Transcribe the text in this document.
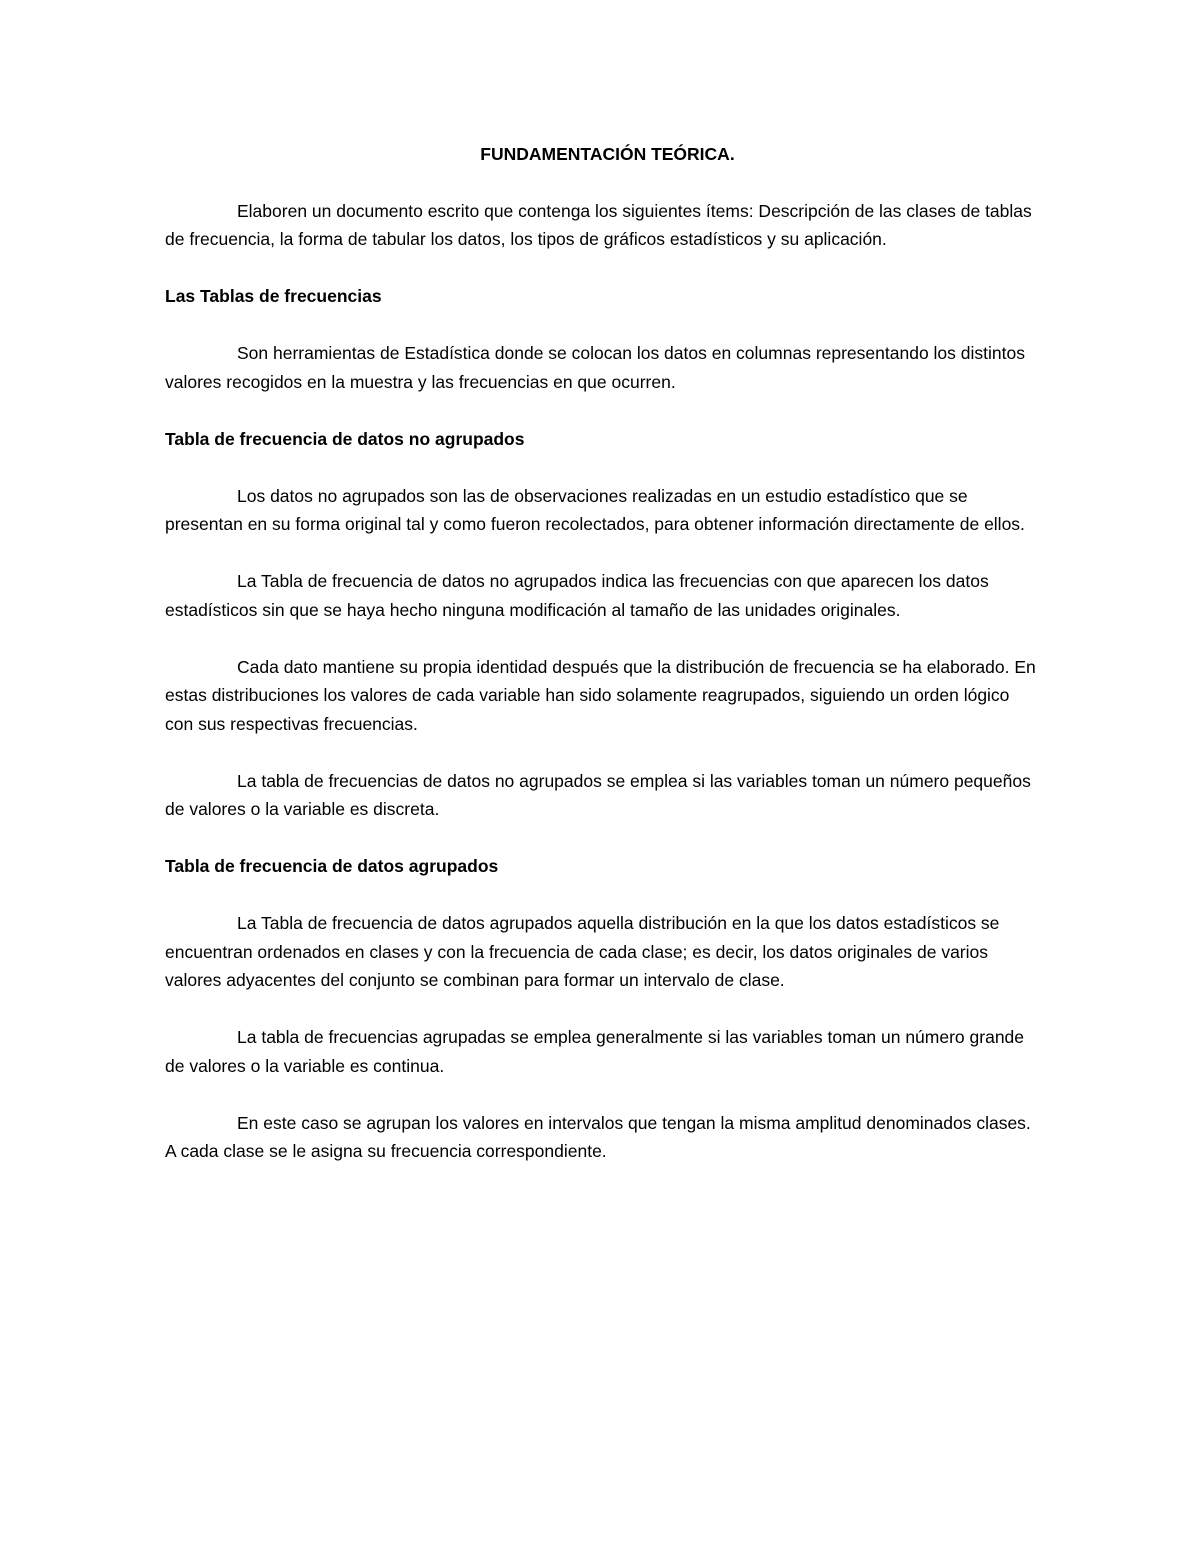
FUNDAMENTACIÓN TEÓRICA.

Elaboren un documento escrito que contenga los siguientes ítems: Descripción de las clases de tablas de frecuencia, la forma de tabular los datos, los tipos de gráficos estadísticos y su aplicación.

Las Tablas de frecuencias

Son herramientas de Estadística donde se colocan los datos en columnas representando los distintos valores recogidos en la muestra y las frecuencias en que ocurren.

Tabla de frecuencia de datos no agrupados

Los datos no agrupados son las de observaciones realizadas en un estudio estadístico que se presentan en su forma original tal y como fueron recolectados, para obtener información directamente de ellos.

La Tabla de frecuencia de datos no agrupados indica las frecuencias con que aparecen los datos estadísticos sin que se haya hecho ninguna modificación al tamaño de las unidades originales.

Cada dato mantiene su propia identidad después que la distribución de frecuencia se ha elaborado. En estas distribuciones los valores de cada variable han sido solamente reagrupados, siguiendo un orden lógico con sus respectivas frecuencias.

La tabla de frecuencias de datos no agrupados se emplea si las variables toman un número pequeños de valores o la variable es discreta.

Tabla de frecuencia de datos agrupados

La Tabla de frecuencia de datos agrupados aquella distribución en la que los datos estadísticos se encuentran ordenados en clases y con la frecuencia de cada clase; es decir, los datos originales de varios valores adyacentes del conjunto se combinan para formar un intervalo de clase.

La tabla de frecuencias agrupadas se emplea generalmente si las variables toman un número grande de valores o la variable es continua.

En este caso se agrupan los valores en intervalos que tengan la misma amplitud denominados clases. A cada clase se le asigna su frecuencia correspondiente.
